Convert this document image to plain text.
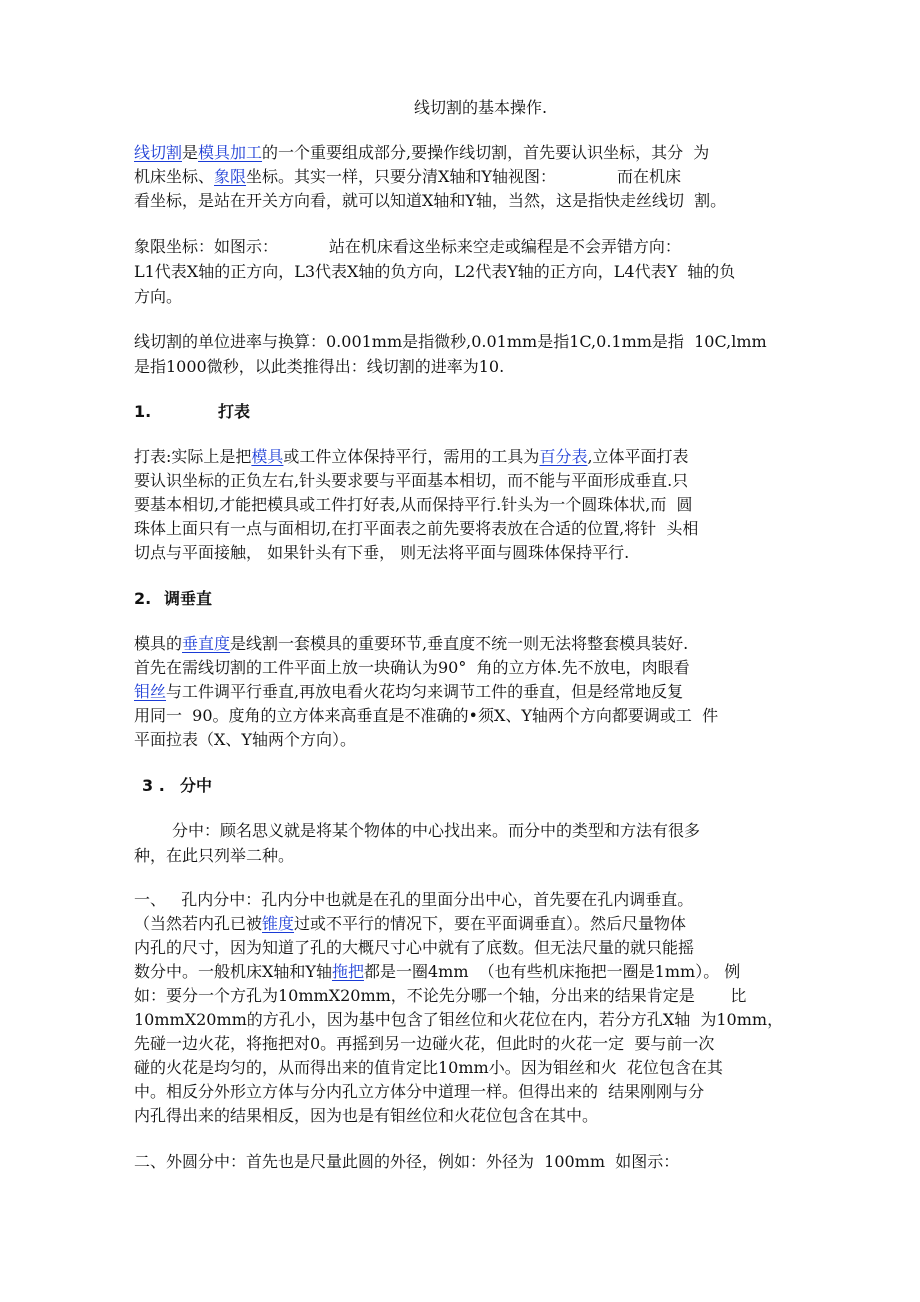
线切割的基本操作.
线切割是模具加工的一个重要组成部分,要操作线切割，首先要认识坐标，其分  为
机床坐标、象限坐标。其实一样，只要分清X轴和Y轴视图：            而在机床
看坐标，是站在开关方向看，就可以知道X轴和Y轴，当然，这是指快走丝线切  割。
象限坐标：如图示：          站在机床看这坐标来空走或编程是不会弄错方向：
L1代表X轴的正方向，L3代表X轴的负方向，L2代表Y轴的正方向，L4代表Y  轴的负
方向。
线切割的单位进率与换算：0.001mm是指微秒,0.01mm是指1C,0.1mm是指  10C,lmm
是指1000微秒，以此类推得出：线切割的进率为10.
1.	打表
打表:实际上是把模具或工件立体保持平行，需用的工具为百分表,立体平面打表
要认识坐标的正负左右,针头要求要与平面基本相切，而不能与平面形成垂直.只
要基本相切,才能把模具或工件打好表,从而保持平行.针头为一个圆珠体状,而  圆
珠体上面只有一点与面相切,在打平面表之前先要将表放在合适的位置,将针  头相
切点与平面接触， 如果针头有下垂， 则无法将平面与圆珠体保持平行.
2. 调垂直
模具的垂直度是线割一套模具的重要环节,垂直度不统一则无法将整套模具装好.
首先在需线切割的工件平面上放一块确认为90°  角的立方体.先不放电，肉眼看
钼丝与工件调平行垂直,再放电看火花均匀来调节工件的垂直，但是经常地反复
用同一  90。度角的立方体来高垂直是不准确的•须X、Y轴两个方向都要调或工  件
平面拉表（X、Y轴两个方向）。
3 . 分中
分中：顾名思义就是将某个物体的中心找出来。而分中的类型和方法有很多
种，在此只列举二种。
一、   孔内分中：孔内分中也就是在孔的里面分出中心，首先要在孔内调垂直。
（当然若内孔已被锥度过或不平行的情况下，要在平面调垂直）。然后尺量物体
内孔的尺寸，因为知道了孔的大概尺寸心中就有了底数。但无法尺量的就只能摇
数分中。一般机床X轴和Y轴拖把都是一圈4mm  （也有些机床拖把一圈是1mm）。 例
如：要分一个方孔为10mmX20mm，不论先分哪一个轴，分出来的结果肯定是       比
10mmX20mm的方孔小，因为基中包含了钼丝位和火花位在内，若分方孔X轴  为10mm，
先碰一边火花，将拖把对0。再摇到另一边碰火花，但此时的火花一定  要与前一次
碰的火花是均匀的，从而得出来的值肯定比10mm小。因为钼丝和火  花位包含在其
中。相反分外形立方体与分内孔立方体分中道理一样。但得出来的  结果刚刚与分
内孔得出来的结果相反，因为也是有钼丝位和火花位包含在其中。
二、外圆分中：首先也是尺量此圆的外径，例如：外径为  100mm  如图示：
